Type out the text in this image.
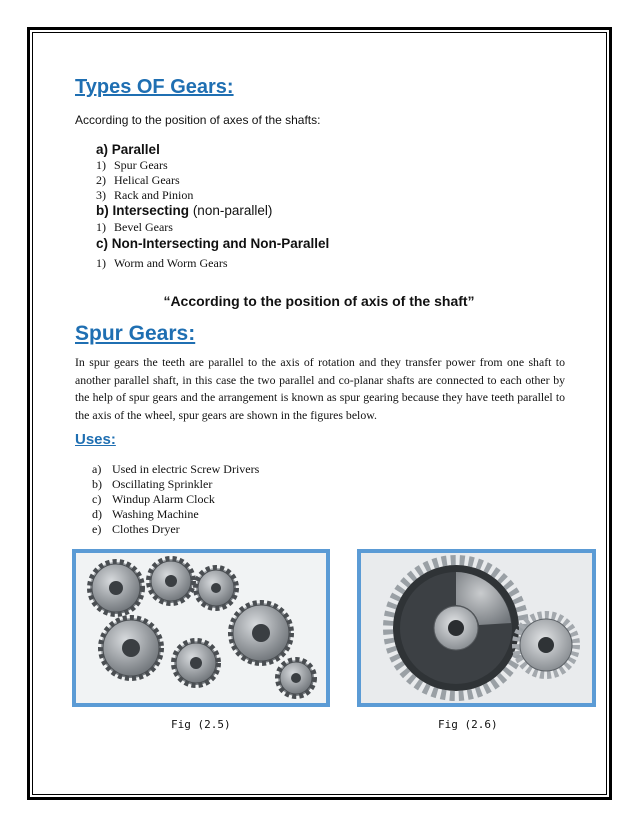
Types OF Gears:
According to the position of axes of the shafts:
a) Parallel
1) Spur Gears
2) Helical Gears
3) Rack and Pinion
b) Intersecting (non-parallel)
1) Bevel Gears
c) Non-Intersecting and Non-Parallel
1) Worm and Worm Gears
“According to the position of axis of the shaft”
Spur Gears:
In spur gears the teeth are parallel to the axis of rotation and they transfer power from one shaft to another parallel shaft, in this case the two parallel and co-planar shafts are connected to each other by the help of spur gears and the arrangement is known as spur gearing because they have teeth parallel to the axis of the wheel, spur gears are shown in the figures below.
Uses:
a) Used in electric Screw Drivers
b) Oscillating Sprinkler
c) Windup Alarm Clock
d) Washing Machine
e) Clothes Dryer
Fig (2.5)	Fig (2.6)
